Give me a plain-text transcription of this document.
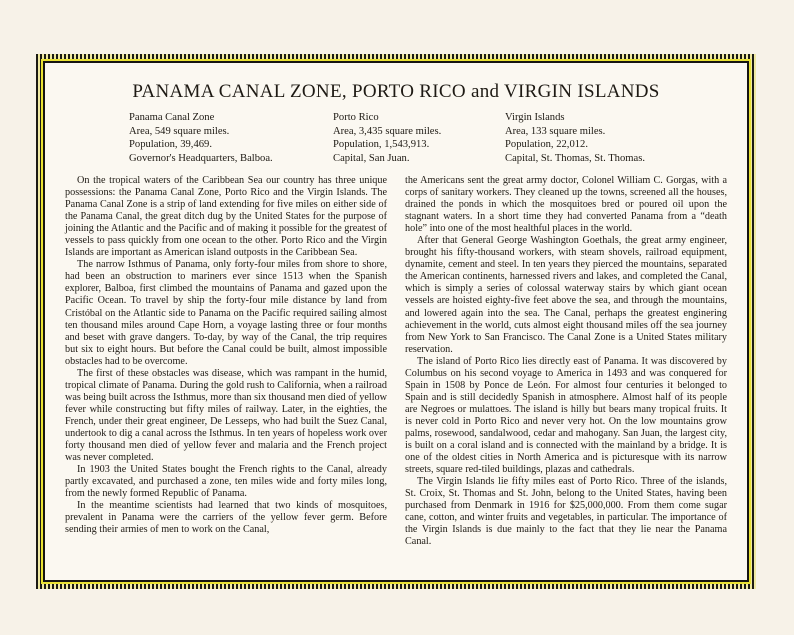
PANAMA CANAL ZONE, PORTO RICO and VIRGIN ISLANDS
Panama Canal Zone
Area, 549 square miles.
Population, 39,469.
Governor's Headquarters, Balboa.
Porto Rico
Area, 3,435 square miles.
Population, 1,543,913.
Capital, San Juan.
Virgin Islands
Area, 133 square miles.
Population, 22,012.
Capital, St. Thomas, St. Thomas.

On the tropical waters of the Caribbean Sea our country has three unique possessions: the Panama Canal Zone, Porto Rico and the Virgin Islands. The Panama Canal Zone is a strip of land extending for five miles on either side of the Panama Canal, the great ditch dug by the United States for the purpose of joining the Atlantic and the Pacific and of making it possible for the greatest of vessels to pass quickly from one ocean to the other. Porto Rico and the Virgin Islands are important as American island outposts in the Caribbean Sea.

The narrow Isthmus of Panama, only forty-four miles from shore to shore, had been an obstruction to mariners ever since 1513 when the Spanish explorer, Balboa, first climbed the mountains of Panama and gazed upon the Pacific Ocean. To travel by ship the forty-four mile distance by land from Cristóbal on the Atlantic side to Panama on the Pacific required sailing almost ten thousand miles around Cape Horn, a voyage lasting three or four months and beset with grave dangers. To-day, by way of the Canal, the trip requires but six to eight hours. But before the Canal could be built, almost impossible obstacles had to be overcome.

The first of these obstacles was disease, which was rampant in the humid, tropical climate of Panama. During the gold rush to California, when a railroad was being built across the Isthmus, more than six thousand men died of yellow fever while constructing but fifty miles of railway. Later, in the eighties, the French, under their great engineer, De Lesseps, who had built the Suez Canal, undertook to dig a canal across the Isthmus. In ten years of hopeless work over forty thousand men died of yellow fever and malaria and the French project was never completed.

In 1903 the United States bought the French rights to the Canal, already partly excavated, and purchased a zone, ten miles wide and forty miles long, from the newly formed Republic of Panama.

In the meantime scientists had learned that two kinds of mosquitoes, prevalent in Panama were the carriers of the yellow fever germ. Before sending their armies of men to work on the Canal,

the Americans sent the great army doctor, Colonel William C. Gorgas, with a corps of sanitary workers. They cleaned up the towns, screened all the houses, drained the ponds in which the mosquitoes bred or poured oil upon the stagnant waters. In a short time they had converted Panama from a “death hole” into one of the most healthful places in the world.

After that General George Washington Goethals, the great army engineer, brought his fifty-thousand workers, with steam shovels, railroad equipment, dynamite, cement and steel. In ten years they pierced the mountains, separated the American continents, harnessed rivers and lakes, and completed the Canal, which is simply a series of colossal waterway stairs by which giant ocean vessels are hoisted eighty-five feet above the sea, and through the mountains, and lowered again into the sea. The Canal, perhaps the greatest enginering achievement in the world, cuts almost eight thousand miles off the sea journey from New York to San Francisco. The Canal Zone is a United States military reservation.

The island of Porto Rico lies directly east of Panama. It was discovered by Columbus on his second voyage to America in 1493 and was conquered for Spain in 1508 by Ponce de León. For almost four centuries it belonged to Spain and is still decidedly Spanish in atmosphere. Almost half of its people are Negroes or mulattoes. The island is hilly but bears many tropical fruits. It is never cold in Porto Rico and never very hot. On the low mountains grow palms, rosewood, sandalwood, cedar and mahogany. San Juan, the largest city, is built on a coral island and is connected with the mainland by a bridge. It is one of the oldest cities in North America and is picturesque with its narrow streets, square red-tiled buildings, plazas and cathedrals.

The Virgin Islands lie fifty miles east of Porto Rico. Three of the islands, St. Croix, St. Thomas and St. John, belong to the United States, having been purchased from Denmark in 1916 for $25,000,000. From them come sugar cane, cotton, and winter fruits and vegetables, in particular. The importance of the Virgin Islands is due mainly to the fact that they lie near the Panama Canal.
